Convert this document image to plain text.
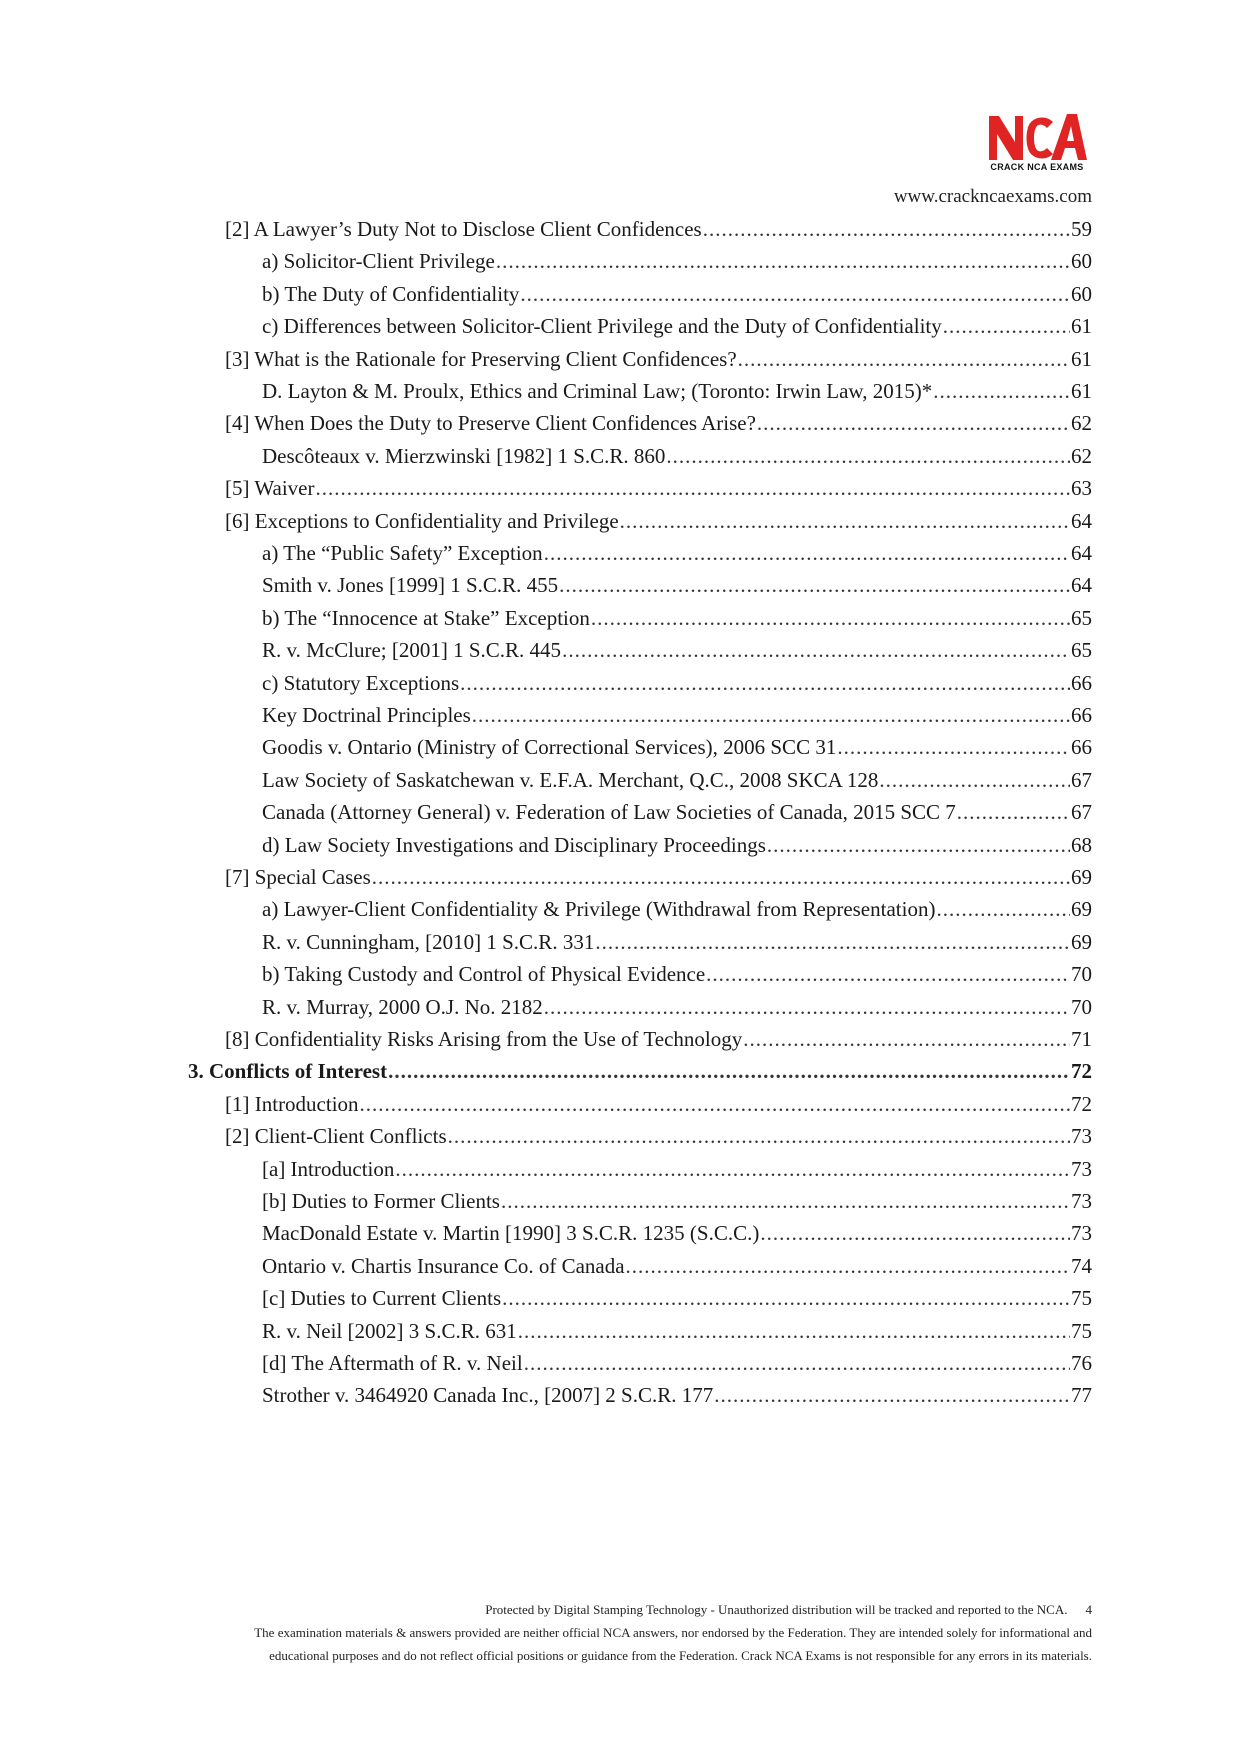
CRACK NCA EXAMS
www.crackncaexams.com
[2] A Lawyer’s Duty Not to Disclose Client Confidences .....	59
a) Solicitor-Client Privilege .....	60
b) The Duty of Confidentiality .....	60
c) Differences between Solicitor-Client Privilege and the Duty of Confidentiality .....	61
[3] What is the Rationale for Preserving Client Confidences? .....	61
D. Layton & M. Proulx, Ethics and Criminal Law; (Toronto: Irwin Law, 2015)* .....	61
[4] When Does the Duty to Preserve Client Confidences Arise? .....	62
Descôteaux v. Mierzwinski [1982] 1 S.C.R. 860 .....	62
[5] Waiver .....	63
[6] Exceptions to Confidentiality and Privilege .....	64
a) The “Public Safety” Exception .....	64
Smith v. Jones [1999] 1 S.C.R. 455 .....	64
b) The “Innocence at Stake” Exception .....	65
R. v. McClure; [2001] 1 S.C.R. 445 .....	65
c) Statutory Exceptions .....	66
Key Doctrinal Principles .....	66
Goodis v. Ontario (Ministry of Correctional Services), 2006 SCC 31 .....	66
Law Society of Saskatchewan v. E.F.A. Merchant, Q.C., 2008 SKCA 128 .....	67
Canada (Attorney General) v. Federation of Law Societies of Canada, 2015 SCC 7 .....	67
d) Law Society Investigations and Disciplinary Proceedings .....	68
[7] Special Cases .....	69
a) Lawyer-Client Confidentiality & Privilege (Withdrawal from Representation) .....	69
R. v. Cunningham, [2010] 1 S.C.R. 331 .....	69
b) Taking Custody and Control of Physical Evidence .....	70
R. v. Murray, 2000 O.J. No. 2182 .....	70
[8] Confidentiality Risks Arising from the Use of Technology .....	71
3. Conflicts of Interest .....	72
[1] Introduction .....	72
[2] Client-Client Conflicts .....	73
[a] Introduction .....	73
[b] Duties to Former Clients .....	73
MacDonald Estate v. Martin [1990] 3 S.C.R. 1235 (S.C.C.) .....	73
Ontario v. Chartis Insurance Co. of Canada .....	74
[c] Duties to Current Clients .....	75
R. v. Neil [2002] 3 S.C.R. 631 .....	75
[d] The Aftermath of R. v. Neil .....	76
Strother v. 3464920 Canada Inc., [2007] 2 S.C.R. 177 .....	77
Protected by Digital Stamping Technology - Unauthorized distribution will be tracked and reported to the NCA. 4
The examination materials & answers provided are neither official NCA answers, nor endorsed by the Federation. They are intended solely for informational and
educational purposes and do not reflect official positions or guidance from the Federation. Crack NCA Exams is not responsible for any errors in its materials.
